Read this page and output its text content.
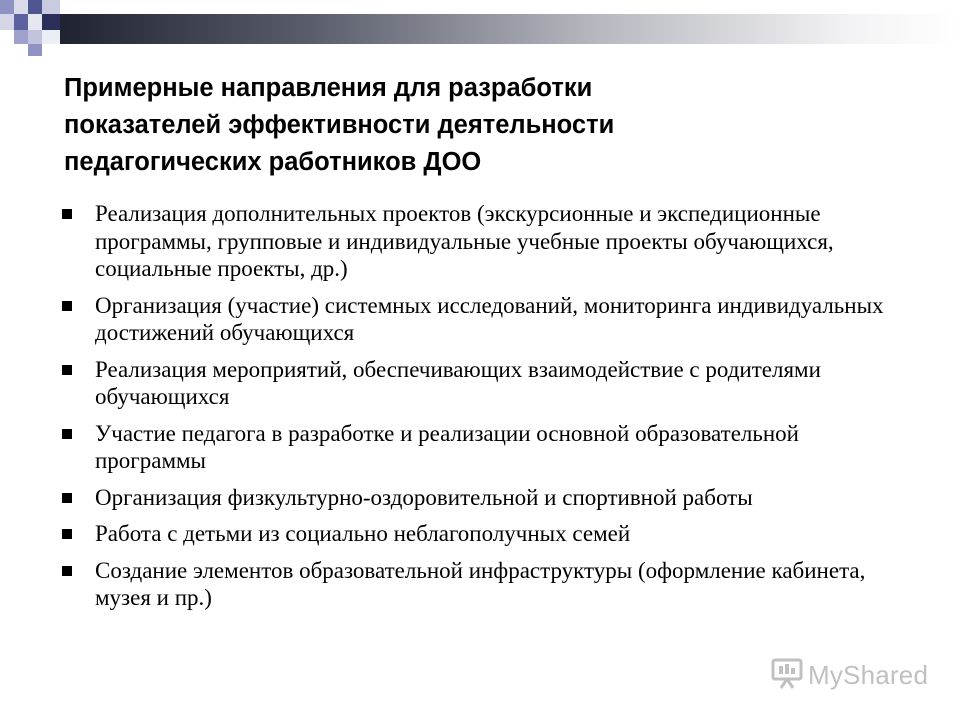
Примерные направления для разработки
показателей эффективности деятельности
педагогических работников ДОО
Реализация дополнительных проектов (экскурсионные и экспедиционные программы, групповые и индивидуальные учебные проекты обучающихся, социальные проекты, др.)
Организация (участие) системных исследований, мониторинга индивидуальных достижений обучающихся
Реализация мероприятий, обеспечивающих взаимодействие с родителями обучающихся
Участие педагога в разработке и реализации основной образовательной программы
Организация физкультурно-оздоровительной и спортивной работы
Работа с детьми из социально неблагополучных семей
Создание элементов образовательной инфраструктуры (оформление кабинета, музея и пр.)
MyShared
